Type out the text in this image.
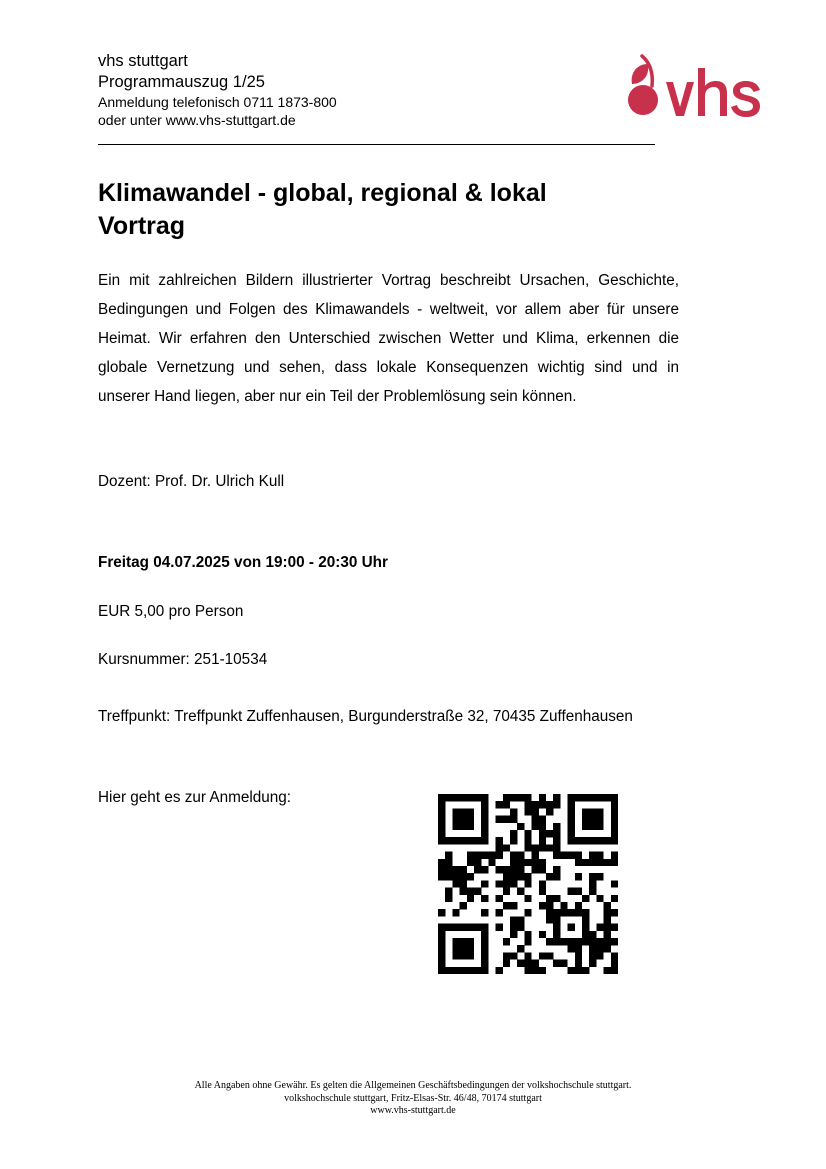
vhs stuttgart
Programmauszug 1/25
Anmeldung telefonisch 0711 1873-800
oder unter www.vhs-stuttgart.de
Klimawandel - global, regional & lokal
Vortrag
Ein mit zahlreichen Bildern illustrierter Vortrag beschreibt Ursachen, Geschichte, Bedingungen und Folgen des Klimawandels - weltweit, vor allem aber für unsere Heimat. Wir erfahren den Unterschied zwischen Wetter und Klima, erkennen die globale Vernetzung und sehen, dass lokale Konsequenzen wichtig sind und in unserer Hand liegen, aber nur ein Teil der Problemlösung sein können.
Dozent: Prof. Dr. Ulrich Kull
Freitag 04.07.2025 von 19:00 - 20:30 Uhr
EUR 5,00 pro Person
Kursnummer: 251-10534
Treffpunkt: Treffpunkt Zuffenhausen, Burgunderstraße 32, 70435 Zuffenhausen
Hier geht es zur Anmeldung:
Alle Angaben ohne Gewähr. Es gelten die Allgemeinen Geschäftsbedingungen der volkshochschule stuttgart.
volkshochschule stuttgart, Fritz-Elsas-Str. 46/48, 70174 stuttgart
www.vhs-stuttgart.de
